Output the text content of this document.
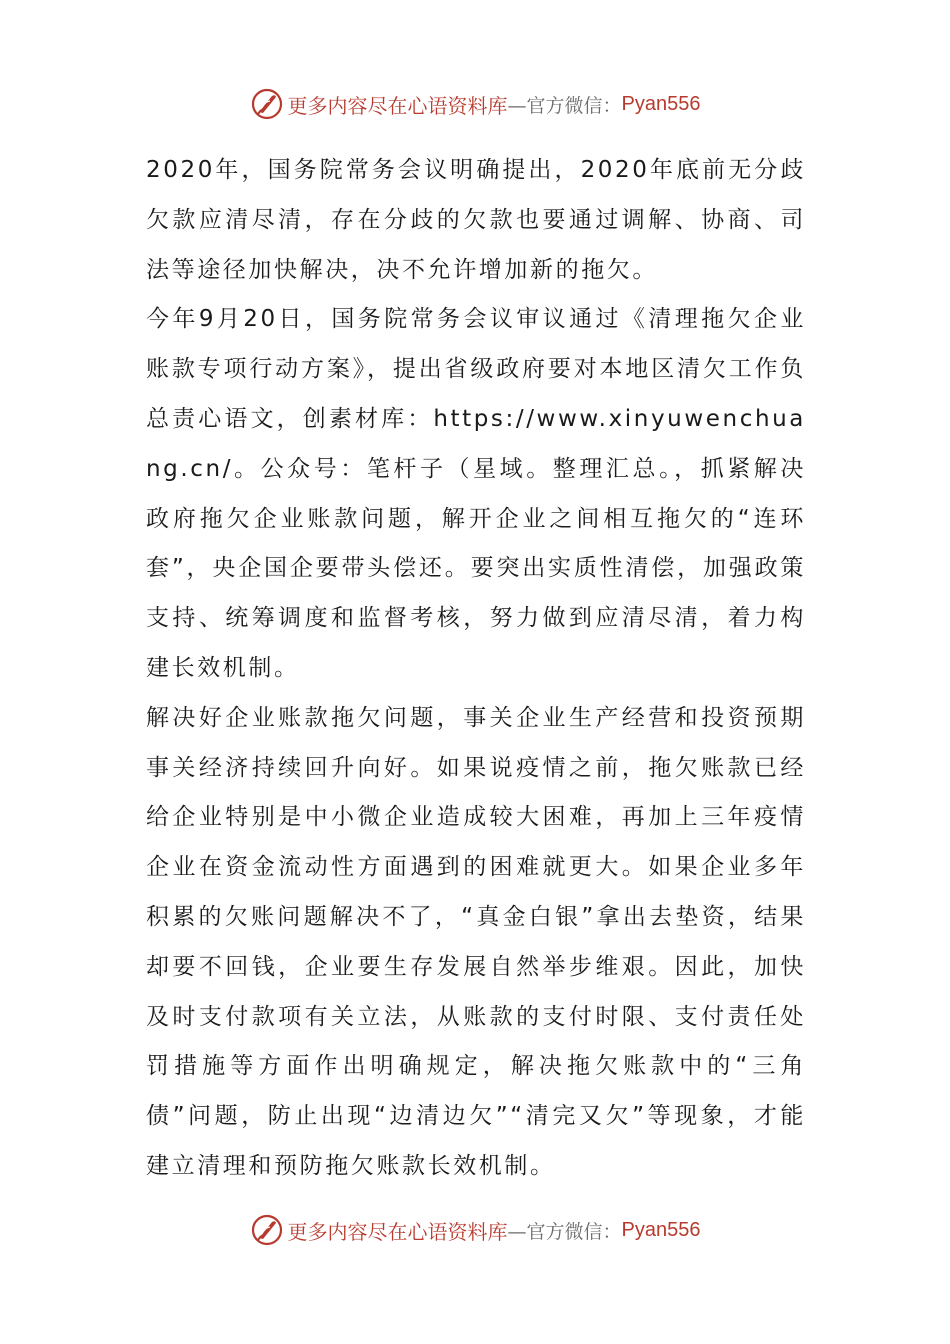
更多内容尽在心语资料库 —官方微信： Pyan556

2020年，国务院常务会议明确提出，2020年底前无分歧欠款应清尽清，存在分歧的欠款也要通过调解、协商、司法等途径加快解决，决不允许增加新的拖欠。

今年9月20日，国务院常务会议审议通过《清理拖欠企业账款专项行动方案》，提出省级政府要对本地区清欠工作负总责心语文，创素材库：https://www.xinyuwenchuang.cn/。公众号：笔杆子（星域。整理汇总。，抓紧解决政府拖欠企业账款问题，解开企业之间相互拖欠的“连环套”，央企国企要带头偿还。要突出实质性清偿，加强政策支持、统筹调度和监督考核，努力做到应清尽清，着力构建长效机制。

解决好企业账款拖欠问题，事关企业生产经营和投资预期事关经济持续回升向好。如果说疫情之前，拖欠账款已经给企业特别是中小微企业造成较大困难，再加上三年疫情企业在资金流动性方面遇到的困难就更大。如果企业多年积累的欠账问题解决不了，“真金白银”拿出去垫资，结果却要不回钱，企业要生存发展自然举步维艰。因此，加快及时支付款项有关立法，从账款的支付时限、支付责任处罚措施等方面作出明确规定，解决拖欠账款中的“三角债”问题，防止出现“边清边欠”“清完又欠”等现象，才能建立清理和预防拖欠账款长效机制。

更多内容尽在心语资料库 —官方微信： Pyan556
